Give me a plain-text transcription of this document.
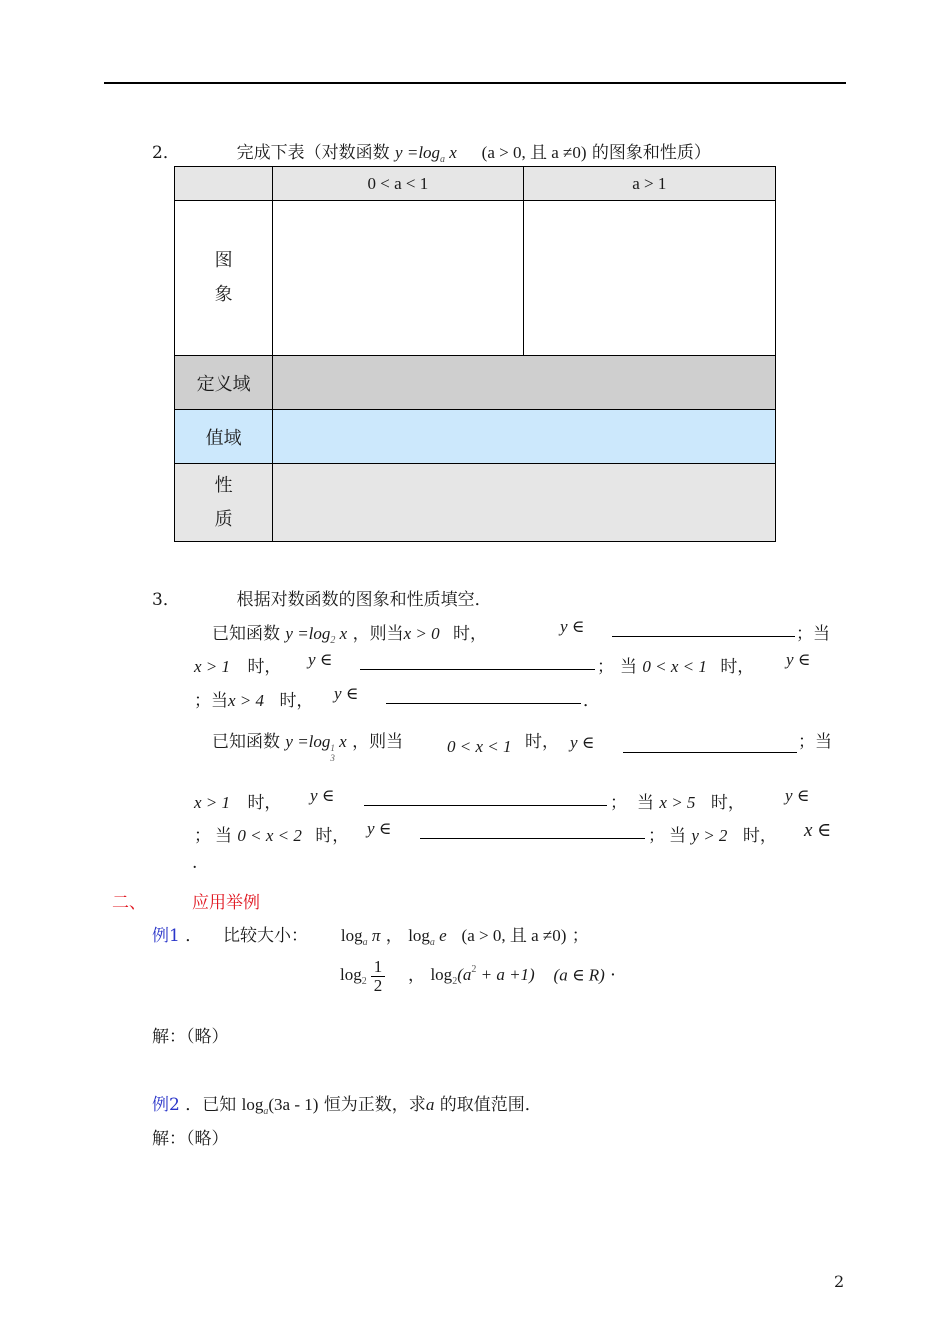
2．	完成下表（对数函数 $y =\log_a$ x (a > 0, 且 a ≠0) 的图象和性质）
	0 < a < 1	a > 1

图
象		

定义域		
值域		

性
质		

3．	根据对数函数的图象和性质填空．
已知函数 $y =\log_2$ x ，则当x > 0 时，	y ∈	；当
x > 1 时， y ∈	； 当 0 < x < 1 时， y ∈
；当x > 4 时， y ∈	．
已知函数 y =log 1
3
x ，则当	0 < x < 1 时， y ∈	；当
x > 1 时， y ∈	； 当 x > 5 时， y ∈
； 当 0 < x < 2 时， y ∈	； 当 y > 2 时， x ∈
.
二、	应用举例
例1 ． 比较大小： $\log_a \pi$ ， $\log_a e$ (a > 0, 且 a ≠0) ；
$\log_2 \frac{1}{2}$ ， $\log_2(a^2 + a +1)$ (a ∈ R) ·
解：（略）
例2 ．已知 $\log_a(3a - 1)$ 恒为正数，求a 的取值范围．
解：（略）
2
